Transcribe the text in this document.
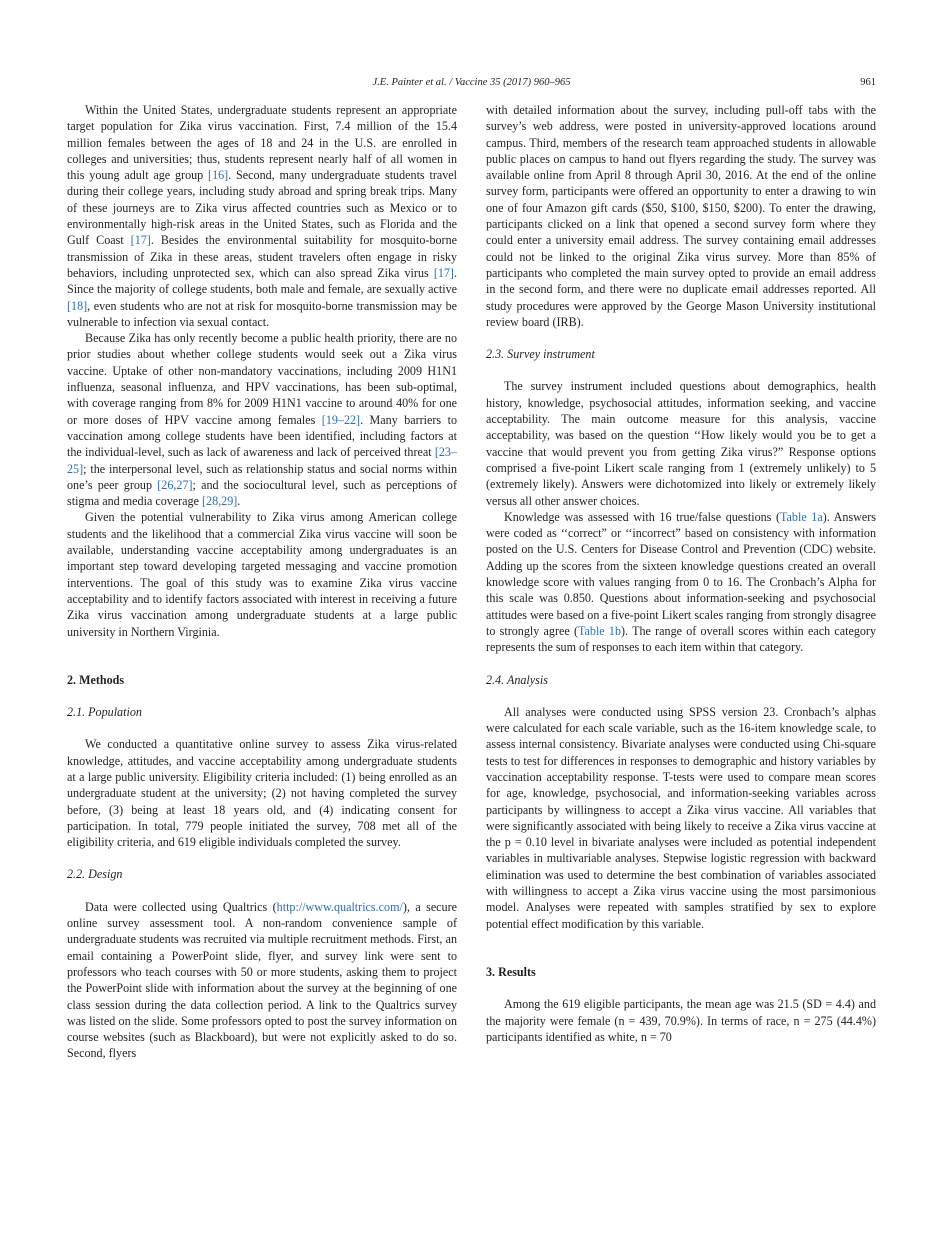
J.E. Painter et al. / Vaccine 35 (2017) 960–965	961

Within the United States, undergraduate students represent an appropriate target population for Zika virus vaccination. First, 7.4 million of the 15.4 million females between the ages of 18 and 24 in the U.S. are enrolled in colleges and universities; thus, students represent nearly half of all women in this young adult age group [16]. Second, many undergraduate students travel during their college years, including study abroad and spring break trips. Many of these journeys are to Zika virus affected countries such as Mexico or to environmentally high-risk areas in the United States, such as Florida and the Gulf Coast [17]. Besides the environmental suitability for mosquito-borne transmission of Zika in these areas, student travelers often engage in risky behaviors, including unprotected sex, which can also spread Zika virus [17]. Since the majority of college students, both male and female, are sexually active [18], even students who are not at risk for mosquito-borne transmission may be vulnerable to infection via sexual contact.

Because Zika has only recently become a public health priority, there are no prior studies about whether college students would seek out a Zika virus vaccine. Uptake of other non-mandatory vaccinations, including 2009 H1N1 influenza, seasonal influenza, and HPV vaccinations, has been sub-optimal, with coverage ranging from 8% for 2009 H1N1 vaccine to around 40% for one or more doses of HPV vaccine among females [19–22]. Many barriers to vaccination among college students have been identified, including factors at the individual-level, such as lack of awareness and lack of perceived threat [23–25]; the interpersonal level, such as relationship status and social norms within one’s peer group [26,27]; and the sociocultural level, such as perceptions of stigma and media coverage [28,29].

Given the potential vulnerability to Zika virus among American college students and the likelihood that a commercial Zika virus vaccine will soon be available, understanding vaccine acceptability among undergraduates is an important step toward developing targeted messaging and vaccine promotion interventions. The goal of this study was to examine Zika virus vaccine acceptability and to identify factors associated with interest in receiving a future Zika virus vaccination among undergraduate students at a large public university in Northern Virginia.

2. Methods
2.1. Population

We conducted a quantitative online survey to assess Zika virus-related knowledge, attitudes, and vaccine acceptability among undergraduate students at a large public university. Eligibility criteria included: (1) being enrolled as an undergraduate student at the university; (2) not having completed the survey before, (3) being at least 18 years old, and (4) indicating consent for participation. In total, 779 people initiated the survey, 708 met all of the eligibility criteria, and 619 eligible individuals completed the survey.

2.2. Design

Data were collected using Qualtrics (http://www.qualtrics.com/), a secure online survey assessment tool. A non-random convenience sample of undergraduate students was recruited via multiple recruitment methods. First, an email containing a PowerPoint slide, flyer, and survey link were sent to professors who teach courses with 50 or more students, asking them to project the PowerPoint slide with information about the survey at the beginning of one class session during the data collection period. A link to the Qualtrics survey was listed on the slide. Some professors opted to post the survey information on course websites (such as Blackboard), but were not explicitly asked to do so. Second, flyers

with detailed information about the survey, including pull-off tabs with the survey’s web address, were posted in university-approved locations around campus. Third, members of the research team approached students in allowable public places on campus to hand out flyers regarding the study. The survey was available online from April 8 through April 30, 2016. At the end of the online survey form, participants were offered an opportunity to enter a drawing to win one of four Amazon gift cards ($50, $100, $150, $200). To enter the drawing, participants clicked on a link that opened a second survey form where they could enter a university email address. The survey containing email addresses could not be linked to the original Zika virus survey. More than 85% of participants who completed the main survey opted to provide an email address in the second form, and there were no duplicate email addresses reported. All study procedures were approved by the George Mason University institutional review board (IRB).

2.3. Survey instrument

The survey instrument included questions about demographics, health history, knowledge, psychosocial attitudes, information seeking, and vaccine acceptability. The main outcome measure for this analysis, vaccine acceptability, was based on the question ‘‘How likely would you be to get a vaccine that would prevent you from getting Zika virus?” Response options comprised a five-point Likert scale ranging from 1 (extremely unlikely) to 5 (extremely likely). Answers were dichotomized into likely or extremely likely versus all other answer choices.

Knowledge was assessed with 16 true/false questions (Table 1a). Answers were coded as ‘‘correct” or ‘‘incorrect” based on consistency with information posted on the U.S. Centers for Disease Control and Prevention (CDC) website. Adding up the scores from the sixteen knowledge questions created an overall knowledge score with values ranging from 0 to 16. The Cronbach’s Alpha for this scale was 0.850. Questions about information-seeking and psychosocial attitudes were based on a five-point Likert scales ranging from strongly disagree to strongly agree (Table 1b). The range of overall scores within each category represents the sum of responses to each item within that category.

2.4. Analysis

All analyses were conducted using SPSS version 23. Cronbach’s alphas were calculated for each scale variable, such as the 16-item knowledge scale, to assess internal consistency. Bivariate analyses were conducted using Chi-square tests to test for differences in responses to demographic and history variables by vaccination acceptability response. T-tests were used to compare mean scores for age, knowledge, psychosocial, and information-seeking variables across participants by willingness to accept a Zika virus vaccine. All variables that were significantly associated with being likely to receive a Zika virus vaccine at the p = 0.10 level in bivariate analyses were included as potential independent variables in multivariable analyses. Stepwise logistic regression with backward elimination was used to determine the best combination of variables associated with willingness to accept a Zika virus vaccine using the most parsimonious model. Analyses were repeated with samples stratified by sex to explore potential effect modification by this variable.

3. Results

Among the 619 eligible participants, the mean age was 21.5 (SD = 4.4) and the majority were female (n = 439, 70.9%). In terms of race, n = 275 (44.4%) participants identified as white, n = 70
